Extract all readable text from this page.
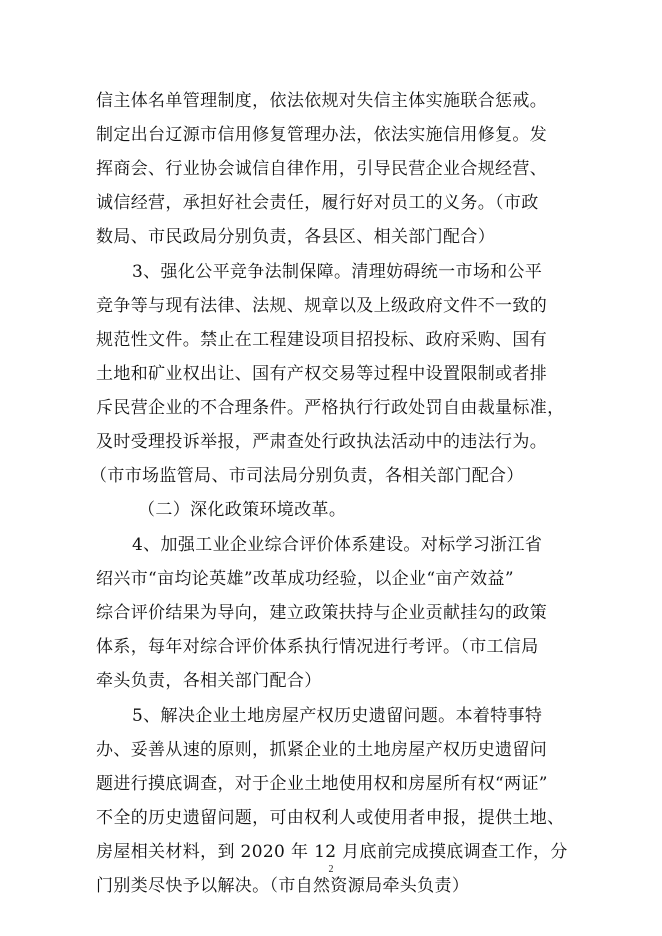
信主体名单管理制度，依法依规对失信主体实施联合惩戒。
制定出台辽源市信用修复管理办法，依法实施信用修复。发
挥商会、行业协会诚信自律作用，引导民营企业合规经营、
诚信经营，承担好社会责任，履行好对员工的义务。（市政
数局、市民政局分别负责，各县区、相关部门配合）
3、强化公平竞争法制保障。清理妨碍统一市场和公平
竞争等与现有法律、法规、规章以及上级政府文件不一致的
规范性文件。禁止在工程建设项目招投标、政府采购、国有
土地和矿业权出让、国有产权交易等过程中设置限制或者排
斥民营企业的不合理条件。严格执行行政处罚自由裁量标准，
及时受理投诉举报，严肃查处行政执法活动中的违法行为。
（市市场监管局、市司法局分别负责，各相关部门配合）
（二）深化政策环境改革。
4、加强工业企业综合评价体系建设。对标学习浙江省
绍兴市“亩均论英雄”改革成功经验，以企业“亩产效益”
综合评价结果为导向，建立政策扶持与企业贡献挂勾的政策
体系，每年对综合评价体系执行情况进行考评。（市工信局
牵头负责，各相关部门配合）
5、解决企业土地房屋产权历史遗留问题。本着特事特
办、妥善从速的原则，抓紧企业的土地房屋产权历史遗留问
题进行摸底调查，对于企业土地使用权和房屋所有权“两证”
不全的历史遗留问题，可由权利人或使用者申报，提供土地、
房屋相关材料，到 2020 年 12 月底前完成摸底调查工作，分
门别类尽快予以解决。（市自然资源局牵头负责）
2
